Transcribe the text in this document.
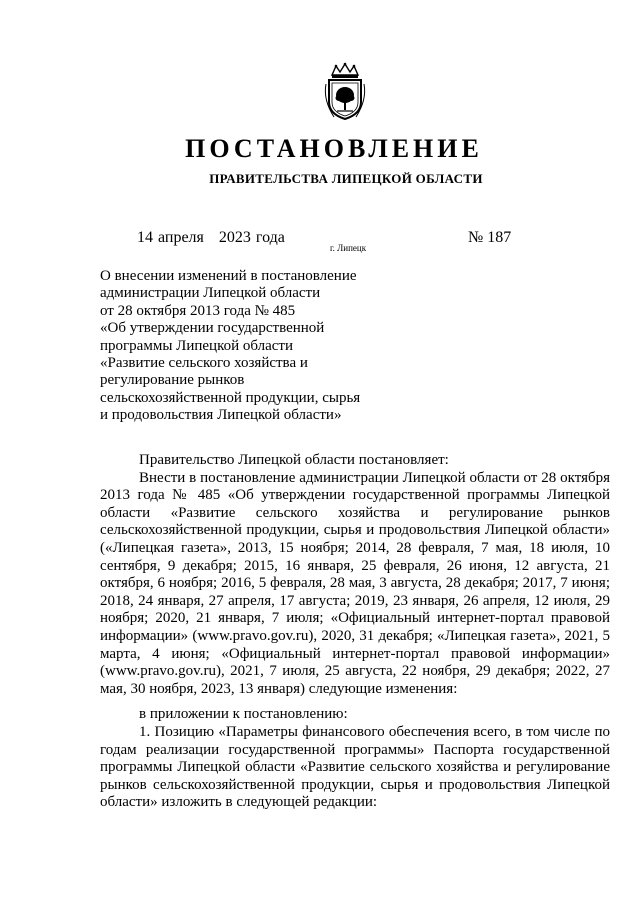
ПОСТАНОВЛЕНИЕ
ПРАВИТЕЛЬСТВА ЛИПЕЦКОЙ ОБЛАСТИ
14 апреля   2023 года
г. Липецк
№ 187
О внесении изменений в постановление
администрации Липецкой области
от 28 октября 2013 года № 485
«Об утверждении государственной
программы Липецкой области
«Развитие сельского хозяйства и
регулирование рынков
сельскохозяйственной продукции, сырья
и продовольствия Липецкой области»

Правительство Липецкой области постановляет:

Внести в постановление администрации Липецкой области от 28 октября 2013 года № 485 «Об утверждении государственной программы Липецкой области «Развитие сельского хозяйства и регулирование рынков сельскохозяйственной продукции, сырья и продовольствия Липецкой области» («Липецкая газета», 2013, 15 ноября; 2014, 28 февраля, 7 мая, 18 июля, 10 сентября, 9 декабря; 2015, 16 января, 25 февраля, 26 июня, 12 августа, 21 октября, 6 ноября; 2016, 5 февраля, 28 мая, 3 августа, 28 декабря; 2017, 7 июня; 2018, 24 января, 27 апреля, 17 августа; 2019, 23 января, 26 апреля, 12 июля, 29 ноября; 2020, 21 января, 7 июля; «Официальный интернет-портал правовой информации» (www.pravo.gov.ru), 2020, 31 декабря; «Липецкая газета», 2021, 5 марта, 4 июня; «Официальный интернет-портал правовой информации» (www.pravo.gov.ru), 2021, 7 июля, 25 августа, 22 ноября, 29 декабря; 2022, 27 мая, 30 ноября, 2023, 13 января) следующие изменения:

в приложении к постановлению:

1. Позицию «Параметры финансового обеспечения всего, в том числе по годам реализации государственной программы» Паспорта государственной программы Липецкой области «Развитие сельского хозяйства и регулирование рынков сельскохозяйственной продукции, сырья и продовольствия Липецкой области» изложить в следующей редакции:
